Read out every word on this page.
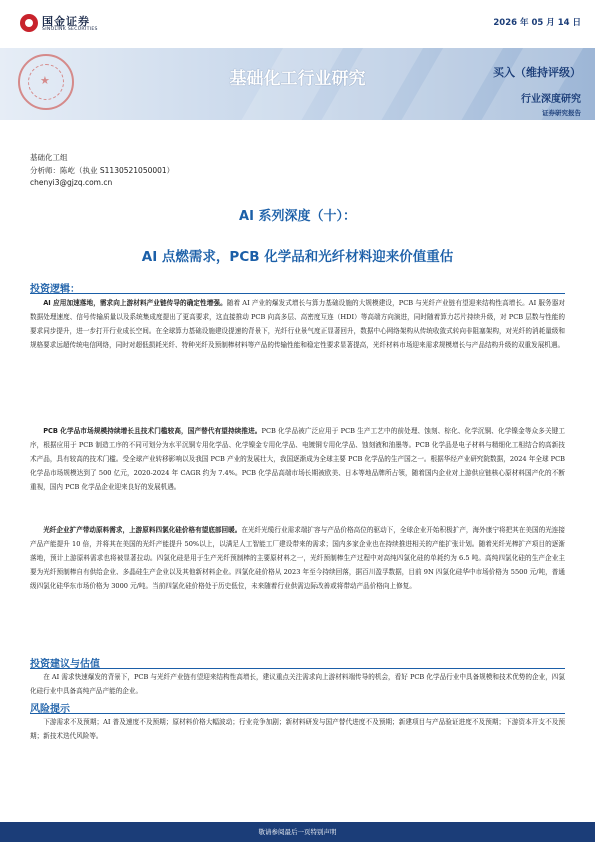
国金证券
SINOLINK SECURITIES
2026 年 05 月 14 日
★	基础化工行业研究	买入（维持评级）
行业深度研究
证券研究报告
基础化工组
分析师：陈屹（执业 S1130521050001）
chenyi3@gjzq.com.cn
AI 系列深度（十）：
AI 点燃需求，PCB 化学品和光纤材料迎来价值重估
投资逻辑：
  AI 应用加速落地，需求向上游材料产业链传导的确定性增强。随着 AI 产业的爆发式增长与算力基础设施的大规模建设，PCB 与光纤产业链有望迎来结构性高增长。AI 服务器对数据处理速度、信号传输质量以及系统集成度提出了更高要求，这直接推动 PCB 向高多层、高密度互连（HDI）等高端方向演进，同时随着算力芯片持续升级，对 PCB 层数与性能的要求同步提升，进一步打开行业成长空间。在全球算力基础设施建设提速的背景下，光纤行业景气度正显著回升，数据中心网络架构从传统收敛式转向非阻塞架构，对光纤的消耗量级和规格要求远超传统电信网络，同时对超低损耗光纤、特种光纤及预制棒材料等产品的传输性能和稳定性要求显著提高，光纤材料市场迎来需求规模增长与产品结构升级的双重发展机遇。
  PCB 化学品市场规模持续增长且技术门槛较高，国产替代有望持续推进。PCB 化学品被广泛应用于 PCB 生产工艺中的前处理、蚀刻、棕化、化学沉铜、化学镍金等众多关键工序，根据应用于 PCB 制造工序的不同可划分为水平沉铜专用化学品、化学镍金专用化学品、电镀铜专用化学品、蚀刻液和油墨等。PCB 化学品是电子材料与精细化工相结合的高新技术产品，具有较高的技术门槛。受全球产业转移影响以及我国 PCB 产业的发展壮大，我国逐渐成为全球主要 PCB 化学品的生产国之一。根据华经产业研究院数据，2024 年全球 PCB 化学品市场规模达到了 500 亿元，2020-2024 年 CAGR 约为 7.4%。PCB 化学品高端市场长期被欧美、日本等地品牌所占领，随着国内企业对上游供应链核心原材料国产化的不断重视，国内 PCB 化学品企业迎来良好的发展机遇。
  光纤企业扩产带动原料需求，上游原料四氯化硅价格有望底部回暖。在光纤光缆行业需求端扩容与产品价格高位的驱动下，全球企业开始积极扩产，海外康宁将把其在美国的光连接产品产能提升 10 倍，并将其在美国的光纤产能提升 50%以上，以满足人工智能工厂建设带来的需求；国内多家企业也在持续推进相关的产能扩张计划。随着光纤光棒扩产项目的逐渐落地，预计上游原料需求也将被显著拉动。四氯化硅是用于生产光纤预制棒的主要原材料之一，光纤预制棒生产过程中对高纯四氯化硅的单耗约为 6.5 吨。高纯四氯化硅的生产企业主要为光纤预制棒自有供给企业、多晶硅生产企业以及其他新材料企业。四氯化硅价格从 2023 年至今持续回落，据百川盈孚数据，目前 9N 四氯化硅华中市场价格为 5500 元/吨，普通级四氯化硅华东市场价格为 3000 元/吨。当前四氯化硅价格处于历史低位，未来随着行业供需边际改善或将带动产品价格向上修复。
投资建议与估值
  在 AI 需求快速爆发的背景下，PCB 与光纤产业链有望迎来结构性高增长，建议重点关注需求向上游材料端传导的机会，看好 PCB 化学品行业中具备规模和技术优势的企业，四氯化硅行业中具备高纯产品产能的企业。
风险提示
  下游需求不及预期；AI 普及速度不及预期；原材料价格大幅波动；行业竞争加剧；新材料研发与国产替代进度不及预期；新建项目与产品验证进度不及预期；下游资本开支不及预期；新技术迭代风险等。
敬请参阅最后一页特别声明
